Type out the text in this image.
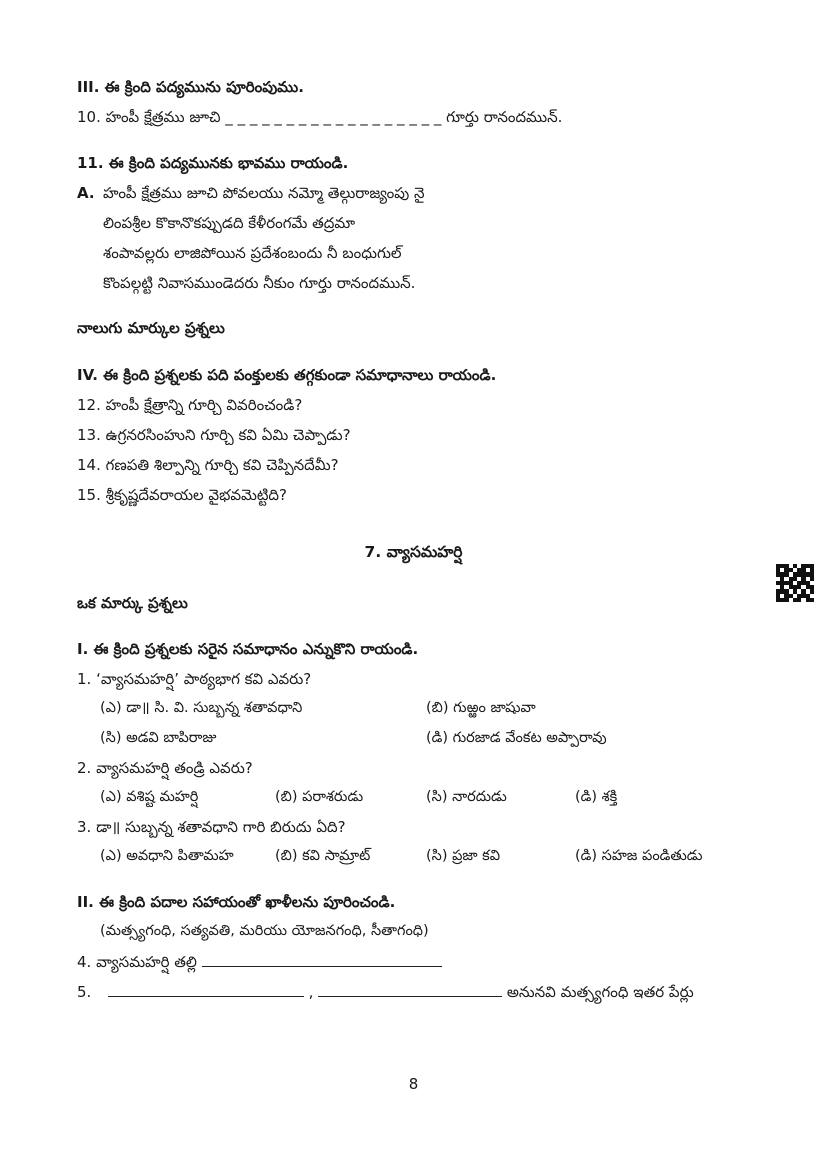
III. ఈ క్రింది పద్యమును పూరింపుము.
10. హంపీ క్షేత్రము జూచి _ _ _ _ _ _ _ _ _ _ _ _ _ _ _ _ _ _ గూర్తు రానందమున్.
11. ఈ క్రింది పద్యమునకు భావము రాయండి.
A. హంపీ క్షేత్రము జూచి పోవలయు నమ్మో తెల్గురాజ్యంపు నై
లింపశ్రీల కొకానొకప్పుడది కేళీరంగమే తద్రమా
శంపావల్లరు లాజిపోయిన ప్రదేశంబందు నీ బంధుగుల్
కొంపల్గట్టి నివాసముండెదరు నీకుం గూర్తు రానందమున్.
నాలుగు మార్కుల ప్రశ్నలు
IV. ఈ క్రింది ప్రశ్నలకు పది పంక్తులకు తగ్గకుండా సమాధానాలు రాయండి.
12. హంపీ క్షేత్రాన్ని గూర్చి వివరించండి?
13. ఉగ్రనరసింహుని గూర్చి కవి ఏమి చెప్పాడు?
14. గణపతి శిల్పాన్ని గూర్చి కవి చెప్పినదేమీ?
15. శ్రీకృష్ణదేవరాయల వైభవమెట్టిది?
7. వ్యాసమహర్షి
ఒక మార్కు ప్రశ్నలు
I. ఈ క్రింది ప్రశ్నలకు సరైన సమాధానం ఎన్నుకొని రాయండి.
1. ‘వ్యాసమహర్షి’ పాఠ్యభాగ కవి ఎవరు?
(ఎ) డా॥ సి. వి. సుబ్బన్న శతావధాని	(బి) గుఱ్ఱం జాషువా
(సి) అడవి బాపిరాజు	(డి) గురజాడ వేంకట అప్పారావు
2. వ్యాసమహర్షి తండ్రి ఎవరు?
(ఎ) వశిష్ట మహర్షి	(బి) పరాశరుడు	(సి) నారదుడు	(డి) శక్తి
3. డా॥ సుబ్బన్న శతావధాని గారి బిరుదు ఏది?
(ఎ) అవధాని పితామహ	(బి) కవి సామ్రాట్	(సి) ప్రజా కవి	(డి) సహజ పండితుడు
II. ఈ క్రింది పదాల సహాయంతో ఖాళీలను పూరించండి.
(మత్స్యగంధి, సత్యవతి, మరియు యోజనగంధి, సీతాగంధి)
4. వ్యాసమహర్షి తల్లి
5.	,	అనునవి మత్స్యగంధి ఇతర పేర్లు
8
